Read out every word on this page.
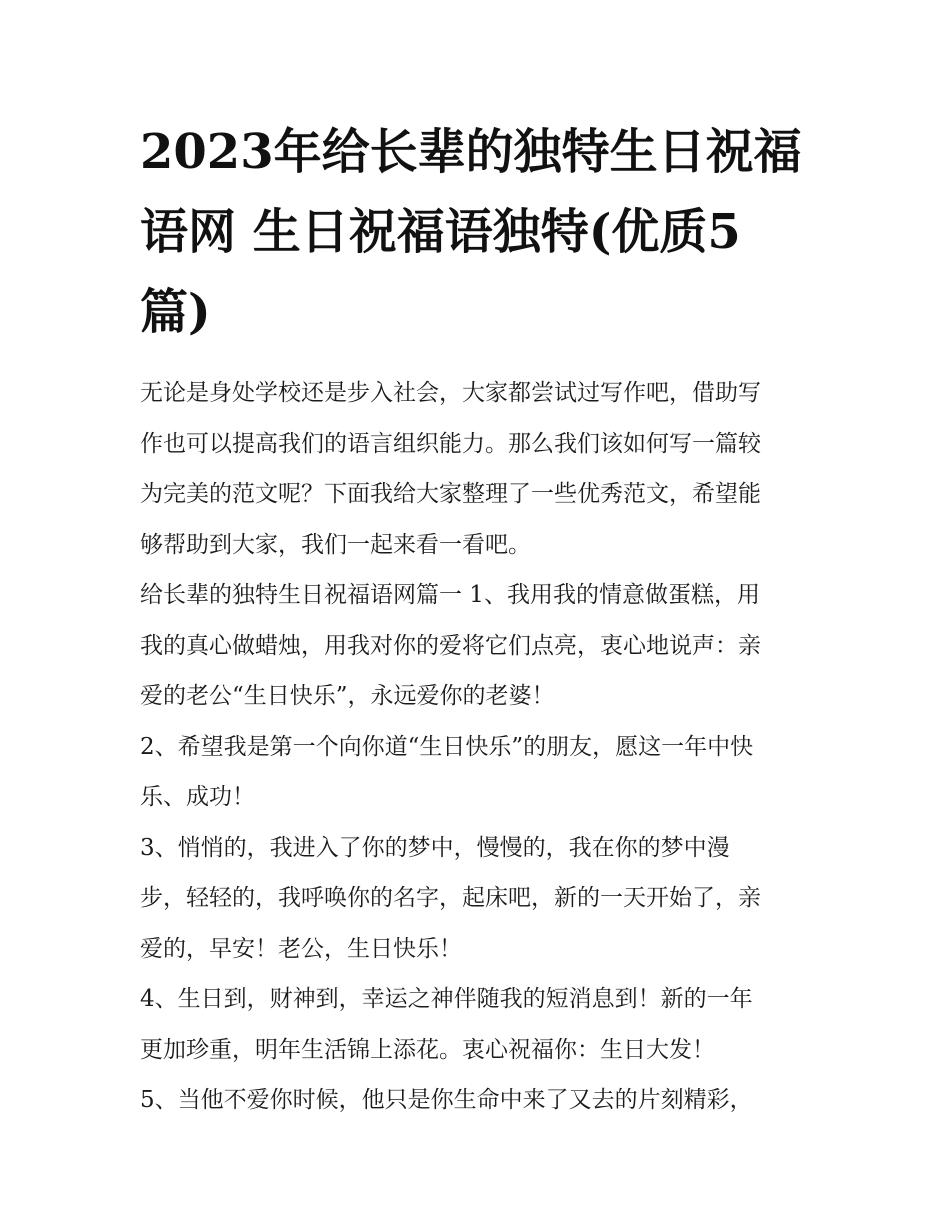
2023年给长辈的独特生日祝福
语网 生日祝福语独特(优质5
篇)

无论是身处学校还是步入社会，大家都尝试过写作吧，借助写
作也可以提高我们的语言组织能力。那么我们该如何写一篇较
为完美的范文呢？下面我给大家整理了一些优秀范文，希望能
够帮助到大家，我们一起来看一看吧。

给长辈的独特生日祝福语网篇一 1、我用我的情意做蛋糕，用
我的真心做蜡烛，用我对你的爱将它们点亮，衷心地说声：亲
爱的老公“生日快乐”，永远爱你的老婆！

2、希望我是第一个向你道“生日快乐”的朋友，愿这一年中快
乐、成功！

3、悄悄的，我进入了你的梦中，慢慢的，我在你的梦中漫
步，轻轻的，我呼唤你的名字，起床吧，新的一天开始了，亲
爱的，早安！老公，生日快乐！

4、生日到，财神到，幸运之神伴随我的短消息到！新的一年
更加珍重，明年生活锦上添花。衷心祝福你：生日大发！

5、当他不爱你时候，他只是你生命中来了又去的片刻精彩，
